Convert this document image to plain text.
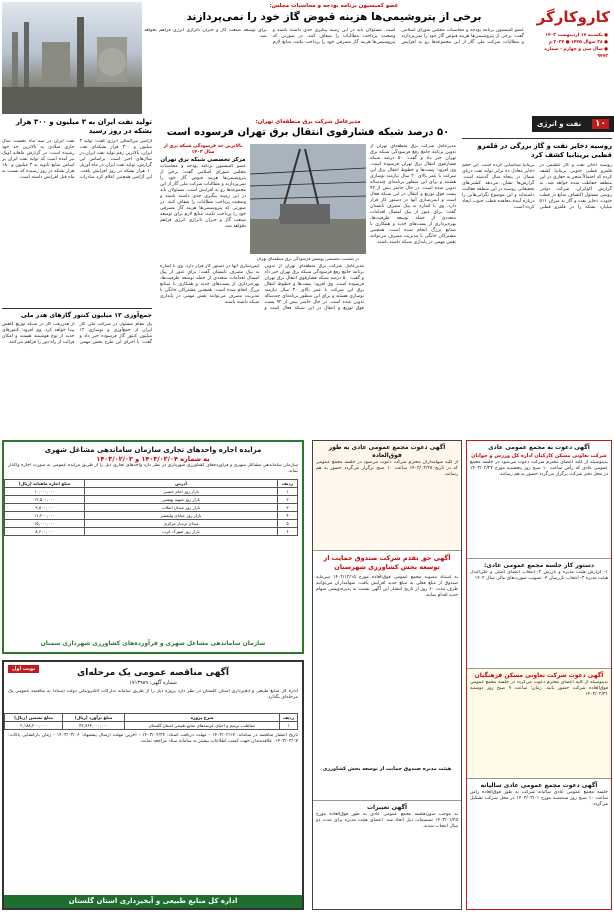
کاروکارگر
● یکشنبه ۱۷ اردیبهشت ۱۴۰۳
● ۲۸ شوال ۱۴۴۵ ● ۲۰۲۴ م
● سال سی و چهارم - شماره ۹۴۷۳
۱۰
نفت و انرژی
عضو کمیسیون برنامه بودجه و محاسبات مجلس:
برخی از پتروشیمی‌ها هزینه قبوض گاز خود را نمی‌پردازند
عضو کمیسیون برنامه بودجه و محاسبات مجلس شورای اسلامی گفت: برخی از پتروشیمی‌ها هزینه قبوض گاز خود را نمی‌پردازند و مطالبات شرکت ملی گاز از این مجموعه‌ها رو به افزایش است. مسئولان باید در این زمینه پیگیری جدی داشته باشند و وضعیت پرداخت مطالبات را شفاف کنند. در صورتی که پتروشیمی‌ها هزینه گاز مصرفی خود را پرداخت نکنند، منابع لازم برای توسعه صنعت گاز و جبران ناترازی انرژی فراهم نخواهد شد.
روسیه ذخایر نفت و گاز بزرگی در قلمرو قطبی بریتانیا کشف کرد
روسیه ذخایر نفت و گاز عظیمی در قلمرو قطبی جنوبی بریتانیا کشف کرده که احتمالاً منجر به حفاری در این منطقه حفاظت شده خواهد شد. به گزارش اکوایران، شرکت دولتی روسی مسئول اکتشاف منابع در قطب جنوب، ذخایر نفت و گاز به میزان ۵۱۱ میلیارد بشکه را در قلمرو قطبی بریتانیا شناسایی کرده است. این حجم ذخایر معادل ده برابر تولید نفت دریای شمال در پنجاه سال گذشته است. گزارش‌ها نشان می‌دهد کشتی‌های تحقیقاتی روسیه در این منطقه فعالیت داشته‌اند و این موضوع نگرانی‌هایی را درباره آینده معاهده قطب جنوب ایجاد کرده است.
مدیرعامل شرکت برق منطقه‌ای تهران:
۵۰ درصد شبکه فشارقوی انتقال برق تهران فرسوده است
مدیرعامل شرکت برق منطقه‌ای تهران از تدوین برنامه جامع رفع فرسودگی شبکه برق تهران خبر داد و گفت: ۵۰ درصد شبکه فشارقوی انتقال برق تهران فرسوده است. وی افزود: پست‌ها و خطوط انتقال برق این شرکت با عمر بالای ۳۰ سال نیازمند نوسازی هستند و برای این منظور برنامه‌ای چندساله تدوین شده است. در حال حاضر بیش از ۹۲ پست فوق توزیع و انتقال در این شبکه فعال است و ایمن‌سازی آنها در دستور کار قرار دارد. وی با اشاره به پیک مصرف تابستان گفت: برای عبور از پیک امسال اقدامات متعددی از جمله توسعه ظرفیت‌ها، بهره‌برداری از پست‌های جدید و همکاری با صنایع بزرگ انجام شده است. همچنین مشترکان خانگی با مدیریت مصرف می‌توانند نقش مهمی در پایداری شبکه داشته باشند.
بالاترین حد فرسودگی شبکه برق از سال ۱۴۰۳
مرکز تخصصی شبکه برق تهران
عضو کمیسیون برنامه بودجه و محاسبات مجلس شورای اسلامی گفت: برخی از پتروشیمی‌ها هزینه قبوض گاز خود را نمی‌پردازند و مطالبات شرکت ملی گاز از این مجموعه‌ها رو به افزایش است. مسئولان باید در این زمینه پیگیری جدی داشته باشند و وضعیت پرداخت مطالبات را شفاف کنند. در صورتی که پتروشیمی‌ها هزینه گاز مصرفی خود را پرداخت نکنند، منابع لازم برای توسعه صنعت گاز و جبران ناترازی انرژی فراهم نخواهد شد.
در نشست تخصصی پوشش فرسودگی برق منطقه‌ای تهران
مدیرعامل شرکت برق منطقه‌ای تهران از تدوین برنامه جامع رفع فرسودگی شبکه برق تهران خبر داد و گفت: ۵۰ درصد شبکه فشارقوی انتقال برق تهران فرسوده است. وی افزود: پست‌ها و خطوط انتقال برق این شرکت با عمر بالای ۳۰ سال نیازمند نوسازی هستند و برای این منظور برنامه‌ای چندساله تدوین شده است. در حال حاضر بیش از ۹۲ پست فوق توزیع و انتقال در این شبکه فعال است و ایمن‌سازی آنها در دستور کار قرار دارد. وی با اشاره به پیک مصرف تابستان گفت: برای عبور از پیک امسال اقدامات متعددی از جمله توسعه ظرفیت‌ها، بهره‌برداری از پست‌های جدید و همکاری با صنایع بزرگ انجام شده است. همچنین مشترکان خانگی با مدیریت مصرف می‌توانند نقش مهمی در پایداری شبکه داشته باشند.
تولید نفت ایران به ۳ میلیون و ۳۰۰ هزار بشکه در روز رسید
آژانس بین‌المللی انرژی گفت: تولید ۳ میلیون و ۳۰۰ هزار بشکه‌ای نفت ایران، بالاترین رقم تولید نفت ایران در سال‌های اخیر است. براساس این گزارش، تولید نفت ایران در ماه آوریل ۱۰ هزار بشکه در روز افزایش یافت. این آژانس همچنین اعلام کرد صادرات نفت ایران در سه ماه نخست سال جاری میلادی به بالاترین حد خود رسیده است. در گزارش ماهانه اوپک نیز آمده است که تولید نفت ایران بر اساس منابع ثانویه به ۳ میلیون و ۱۸۰ هزار بشکه در روز رسیده که نسبت به ماه قبل افزایش داشته است.
جمع‌آوری ۱۲ میلیون کنتور گازهای هدر ملی
یک مقام مسئول در شرکت ملی گاز ایران از جمع‌آوری و نوسازی ۱۲ میلیون کنتور گاز فرسوده خبر داد و گفت: با اجرای این طرح بخش مهمی از هدررفت گاز در شبکه توزیع کاهش پیدا خواهد کرد. وی افزود: کنتورهای جدید از نوع هوشمند هستند و امکان قرائت از راه دور را فراهم می‌کنند.
آگهی دعوت به مجمع عمومی عادی
شرکت تعاونی مسکن کارکنان اداره کل ورزش و جوانان
بدینوسیله از کلیه اعضای محترم شرکت دعوت می‌شود در جلسه مجمع عمومی عادی که رأس ساعت ۱۰ صبح روز پنجشنبه مورخ ۱۴۰۳/۰۲/۲۷ در محل دفتر شرکت برگزار می‌گردد حضور به هم رسانند.
دستور کار جلسه مجمع عمومی عادی:
۱- گزارش هیئت مدیره و بازرس ۲- انتخاب اعضای اصلی و علی‌البدل هیئت مدیره ۳- انتخاب بازرسان ۴- تصویب صورت‌های مالی سال ۱۴۰۲
آگهی دعوت شرکت تعاونی مسکن فرهنگیان
بدینوسیله از کلیه اعضای محترم دعوت می‌گردد در جلسه مجمع عمومی فوق‌العاده شرکت حضور یابند. زمان: ساعت ۹ صبح روز دوشنبه ۱۴۰۳/۰۲/۳۱
آگهی دعوت مجمع عمومی عادی سالیانه
جلسه مجمع عمومی عادی سالیانه شرکت به طور فوق‌العاده رأس ساعت ۱۰ صبح روز سه‌شنبه مورخ ۱۴۰۳/۰۳/۰۱ در محل شرکت تشکیل می‌گردد.
آگهی دعوت مجمع عمومی عادی به طور فوق‌العاده
از کلیه سهامداران محترم شرکت دعوت می‌شود در جلسه مجمع عمومی که در تاریخ ۱۴۰۳/۰۲/۲۸ ساعت ۱۰ صبح برگزار می‌گردد حضور به هم رسانند.
آگهی حق تقدم شرکت صندوق حمایت از توسعه بخش کشاورزی شهرستان
به استناد مصوبه مجمع عمومی فوق‌العاده مورخ ۱۴۰۲/۱۲/۱۵ سرمایه صندوق از مبلغ فعلی به مبلغ جدید افزایش یافت. سهامداران می‌توانند ظرف مدت ۶۰ روز از تاریخ انتشار این آگهی نسبت به پذیره‌نویسی سهام جدید اقدام نمایند.
هیئت مدیره صندوق حمایت از توسعه بخش کشاورزی
آگهی تغییرات
به موجب صورتجلسه مجمع عمومی عادی به طور فوق‌العاده مورخ ۱۴۰۳/۰۱/۲۵ تصمیمات ذیل اتخاذ شد: اعضای هیئت مدیره برای مدت دو سال انتخاب شدند.
مزایده اجاره واحدهای تجاری سازمان ساماندهی مشاغل شهری
به شماره ۱۴۰۳/۰۲/۰۴ و ۱۴۰۳/۰۲/۰۳
سازمان ساماندهی مشاغل شهری و فرآورده‌های کشاورزی شهرداری در نظر دارد واحدهای تجاری ذیل را از طریق مزایده عمومی به صورت اجاره واگذار نماید.
ردیف	آدرس	مبلغ اجاره ماهیانه (ریال)
۱	بازار روز امام خمینی	۱۰,۰۰۰,۰۰۰
۲	بازار روز شهید بهشتی	۱۲,۵۰۰,۰۰۰
۳	بازار روز میدان انقلاب	۹,۸۰۰,۰۰۰
۴	بازار روز خیابان ولیعصر	۱۱,۲۰۰,۰۰۰
۵	میدان تره‌بار مرکزی	۱۵,۰۰۰,۰۰۰
۶	بازار روز شهرک غرب	۸,۶۰۰,۰۰۰
سازمان ساماندهی مشاغل شهری و فرآورده‌های کشاورزی شهرداری سمنان
نوبت اول	آگهی مناقصه عمومی یک مرحله‌ای
شماره آگهی: ۱۷۱۳۹۸۹
اداره کل منابع طبیعی و آبخیزداری استان گلستان در نظر دارد پروژه ذیل را از طریق سامانه تدارکات الکترونیکی دولت (ستاد) به مناقصه عمومی یک مرحله‌ای بگذارد.
ردیف	شرح پروژه	مبلغ برآورد (ریال)	مبلغ تضمین (ریال)
۱	حفاظت، ترمیم و احیای عرصه‌های منابع طبیعی استان گلستان	۴۳,۷۶۴,۰۰۰,۰۰۰	۲,۱۸۸,۲۰۰,۰۰۰
تاریخ انتشار مناقصه در سامانه: ۱۴۰۳/۰۲/۱۷ - مهلت دریافت اسناد: ۱۴۰۳/۰۲/۲۴ - آخرین مهلت ارسال پیشنهاد: ۱۴۰۳/۰۳/۰۶ - زمان بازگشایی پاکات: ۱۴۰۳/۰۳/۰۷. علاقه‌مندان جهت کسب اطلاعات بیشتر به سامانه ستاد مراجعه نمایند.
اداره کل منابع طبیعی و آبخیزداری استان گلستان
